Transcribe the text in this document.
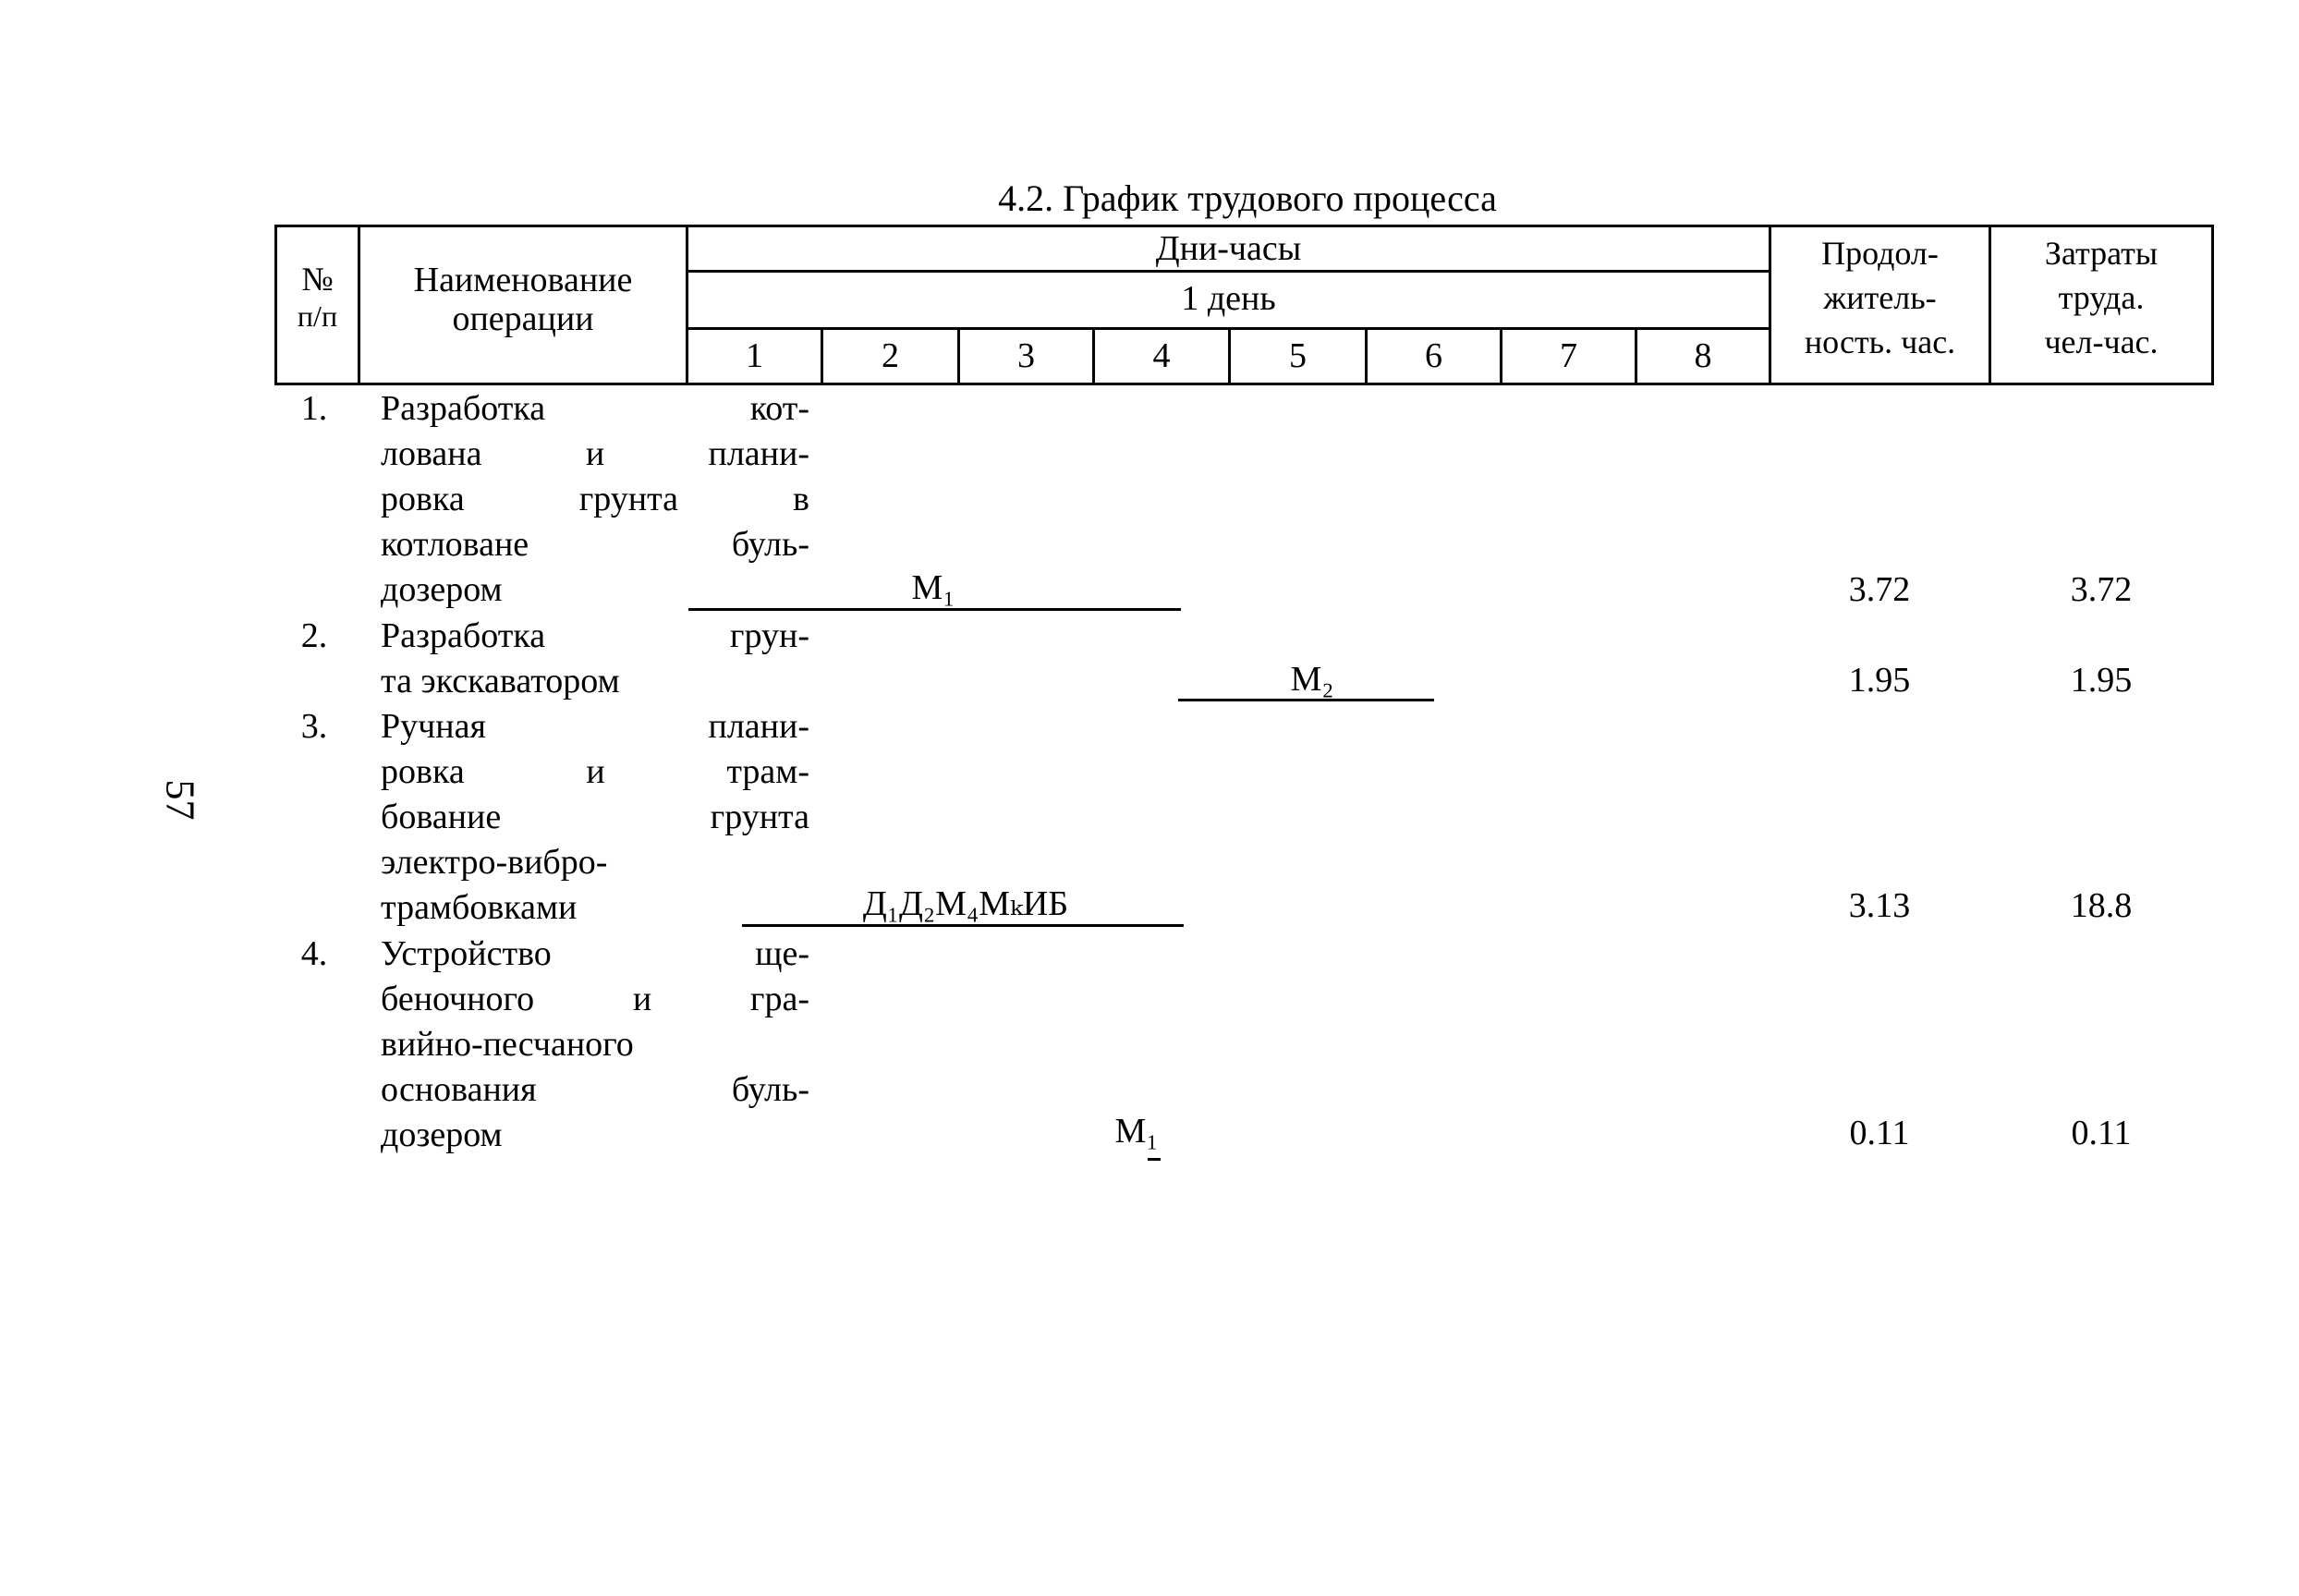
57
4.2. График трудового процесса
№
п/п
Наименование
операции
Дни-часы
1 день
1	2	3	4	5	6	7	8
Продол-
житель-
ность. час.
Затраты
труда.
чел-час.
1.	Разработка кот-
лована и плани-
ровка грунта в
котловане буль-
дозером	М₁	3.72	3.72
2.	Разработка грун-
та экскаватором	М₂	1.95	1.95
3.	Ручная плани-
ровка и трам-
бование грунта
электро-вибро-
трамбовками	Д₁Д₂М₄МₖИБ	3.13	18.8
4.	Устройство ще-
беночного и гра-
вийно-песчаного
основания буль-
дозером	М₁	0.11	0.11
